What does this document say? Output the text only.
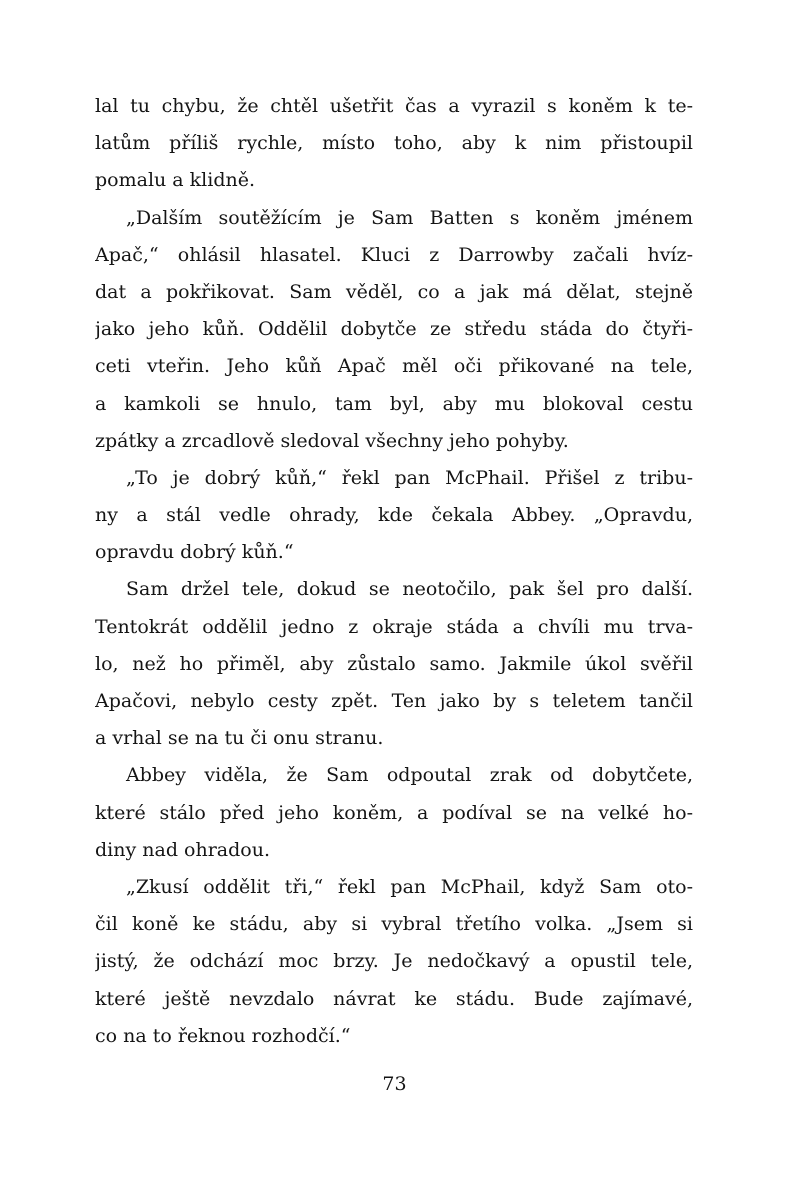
lal tu chybu, že chtěl ušetřit čas a vyrazil s koněm k te-
latům příliš rychle, místo toho, aby k nim přistoupil
pomalu a klidně.
„Dalším soutěžícím je Sam Batten s koněm jménem
Apač,“ ohlásil hlasatel. Kluci z Darrowby začali hvíz-
dat a pokřikovat. Sam věděl, co a jak má dělat, stejně
jako jeho kůň. Oddělil dobytče ze středu stáda do čtyři-
ceti vteřin. Jeho kůň Apač měl oči přikované na tele,
a kamkoli se hnulo, tam byl, aby mu blokoval cestu
zpátky a zrcadlově sledoval všechny jeho pohyby.
„To je dobrý kůň,“ řekl pan McPhail. Přišel z tribu-
ny a stál vedle ohrady, kde čekala Abbey. „Opravdu,
opravdu dobrý kůň.“
Sam držel tele, dokud se neotočilo, pak šel pro další.
Tentokrát oddělil jedno z okraje stáda a chvíli mu trva-
lo, než ho přiměl, aby zůstalo samo. Jakmile úkol svěřil
Apačovi, nebylo cesty zpět. Ten jako by s teletem tančil
a vrhal se na tu či onu stranu.
Abbey viděla, že Sam odpoutal zrak od dobytčete,
které stálo před jeho koněm, a podíval se na velké ho-
diny nad ohradou.
„Zkusí oddělit tři,“ řekl pan McPhail, když Sam oto-
čil koně ke stádu, aby si vybral třetího volka. „Jsem si
jistý, že odchází moc brzy. Je nedočkavý a opustil tele,
které ještě nevzdalo návrat ke stádu. Bude zajímavé,
co na to řeknou rozhodčí.“
73
